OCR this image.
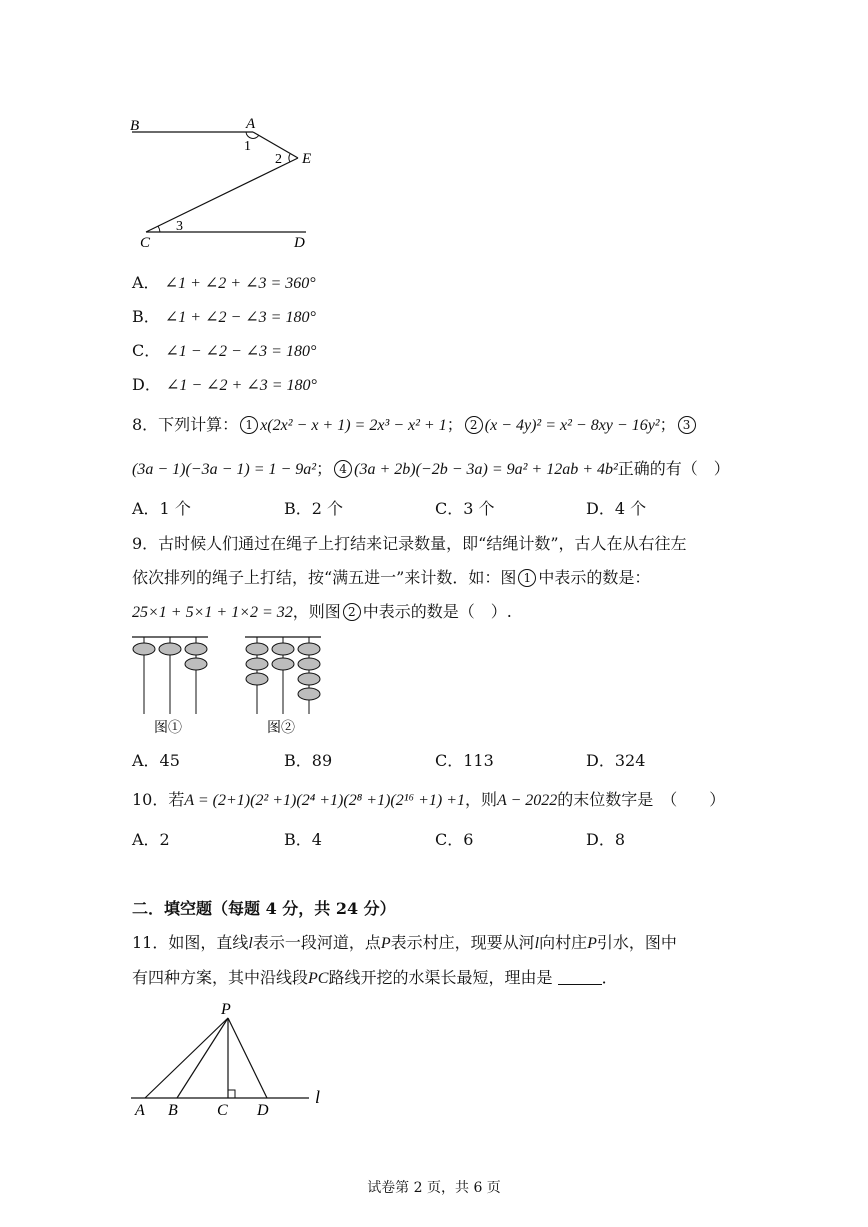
B	A
E
C	D
1
2
3
A． ∠1 + ∠2 + ∠3 = 360°
B． ∠1 + ∠2 − ∠3 = 180°
C． ∠1 − ∠2 − ∠3 = 180°
D． ∠1 − ∠2 + ∠3 = 180°
8．下列计算： 1 x(2x² − x + 1) = 2x³ − x² + 1； 2 (x − 4y)² = x² − 8xy − 16y²； 3
(3a − 1)(−3a − 1) = 1 − 9a²； 4 (3a + 2b)(−2b − 3a) = 9a² + 12ab + 4b²正确的有（　）
A．1 个	B．2 个	C．3 个	D．4 个
9．古时候人们通过在绳子上打结来记录数量，即“结绳计数”，古人在从右往左
依次排列的绳子上打结，按“满五进一”来计数．如：图 1 中表示的数是：
25×1 + 5×1 + 1×2 = 32，则图 2 中表示的数是（　）.
图①	图②
A．45	B．89	C．113	D．324
10．若A = (2+1)(2² +1)(2⁴ +1)(2⁸ +1)(2¹⁶ +1) +1，则A − 2022的末位数字是　（　　）
A．2	B．4	C．6	D．8
二．填空题（每题 4 分，共 24 分）
11．如图，直线l表示一段河道，点P表示村庄，现要从河l向村庄P引水，图中
有四种方案，其中沿线段PC路线开挖的水渠长最短，理由是	．
P
A B C D
l
试卷第 2 页，共 6 页
